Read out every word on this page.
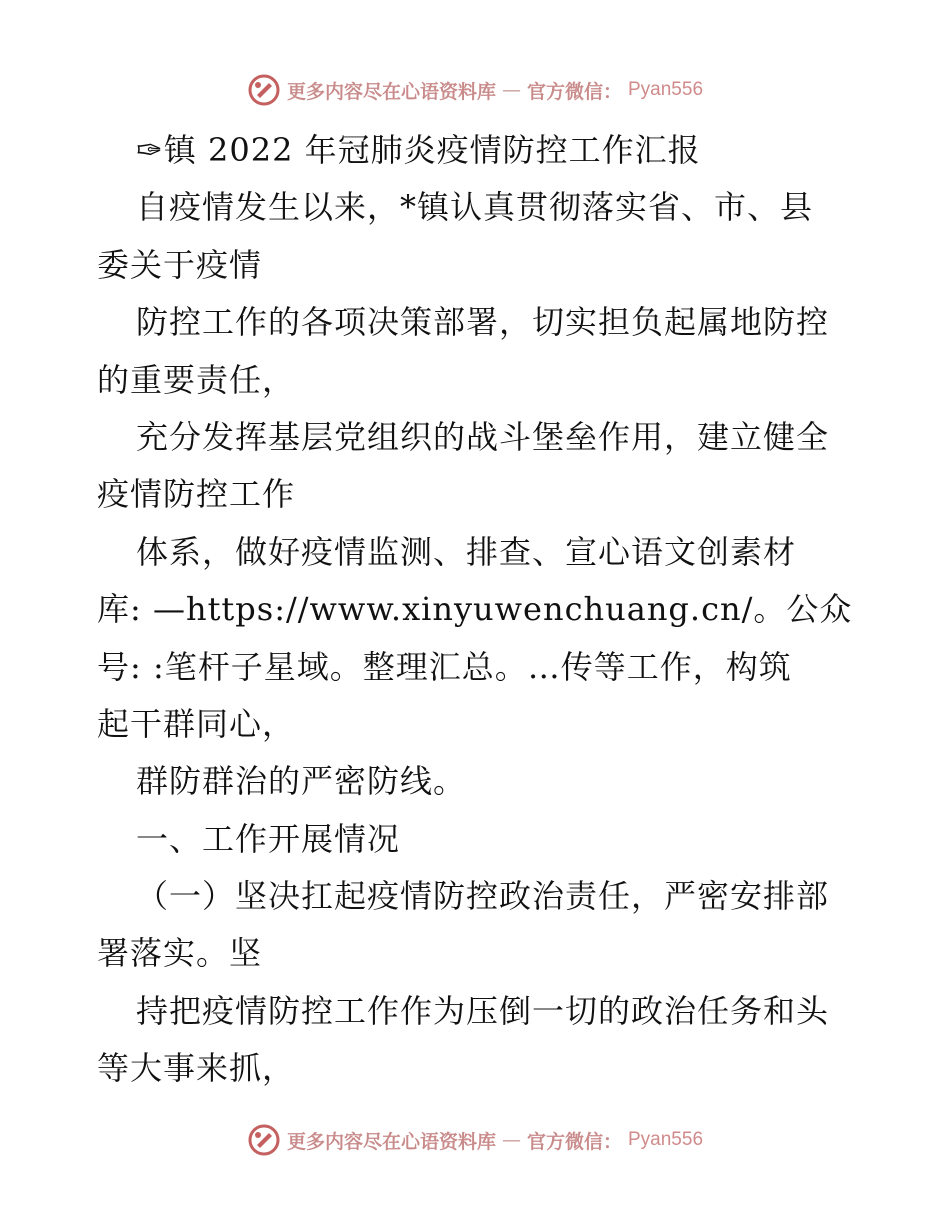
更多内容尽在心语资料库 — 官方微信： Pyan556
✑镇 2022 年冠肺炎疫情防控工作汇报
自疫情发生以来，*镇认真贯彻落实省、市、县
委关于疫情
防控工作的各项决策部署，切实担负起属地防控
的重要责任，
充分发挥基层党组织的战斗堡垒作用，建立健全
疫情防控工作
体系，做好疫情监测、排查、宣心语文创素材
库: —https://www.xinyuwenchuang.cn/。公众
号: :笔杆子星域。整理汇总。…传等工作，构筑
起干群同心，
群防群治的严密防线。
一、工作开展情况
（一）坚决扛起疫情防控政治责任，严密安排部
署落实。坚
持把疫情防控工作作为压倒一切的政治任务和头
等大事来抓，
更多内容尽在心语资料库 — 官方微信： Pyan556
